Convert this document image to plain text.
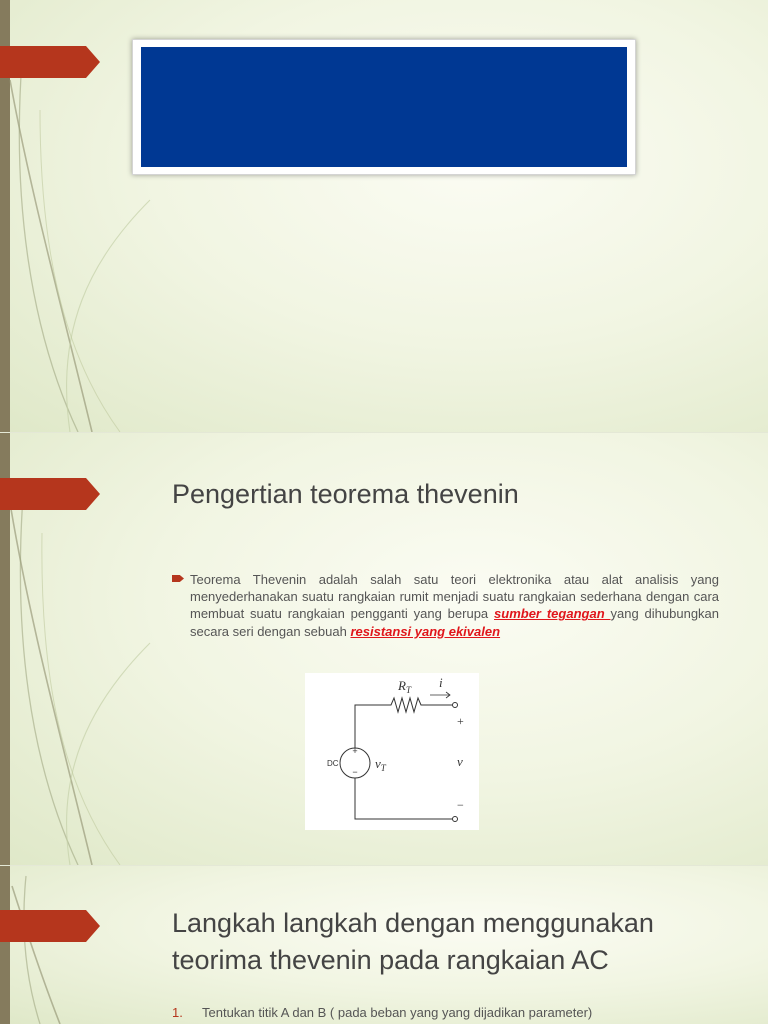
Pengertian teorema thevenin

Teorema Thevenin adalah salah satu teori elektronika atau alat analisis yang menyederhanakan suatu rangkaian rumit menjadi suatu rangkaian sederhana dengan cara membuat suatu rangkaian pengganti yang berupa sumber tegangan yang dihubungkan secara seri dengan sebuah resistansi yang ekivalen

+
−
DC	$v_T$
$R_T$ i
+
v
−
Langkah langkah dengan menggunakan
teorima thevenin pada rangkaian AC
1. Tentukan titik A dan B ( pada beban yang yang dijadikan parameter)
